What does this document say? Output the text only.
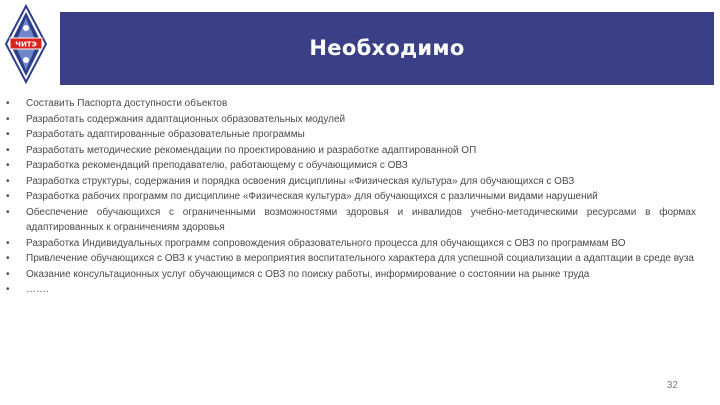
ЧИТЭ	Необходимо
• Составить Паспорта доступности объектов
• Разработать содержания адаптационных образовательных модулей
• Разработать адаптированные образовательные программы
• Разработать методические рекомендации по проектированию и разработке адаптированной ОП
• Разработка рекомендаций преподавателю, работающему с обучающимися с ОВЗ
• Разработка структуры, содержания и порядка освоения дисциплины «Физическая культура» для обучающихся с ОВЗ
• Разработка рабочих программ по дисциплине «Физическая культура» для обучающихся с различными видами нарушений
• Обеспечение обучающихся с ограниченными возможностями здоровья и инвалидов учебно-методическими ресурсами в формах адаптированных к ограничениям здоровья
• Разработка Индивидуальных программ сопровождения образовательного процесса для обучающихся с ОВЗ по программам ВО
• Привлечение обучающихся с ОВЗ к участию в мероприятия воспитательного характера для успешной социализации а адаптации в среде вуза
• Оказание консультационных услуг обучающимся с ОВЗ по поиску работы, информирование о состоянии на рынке труда
• …….
32
